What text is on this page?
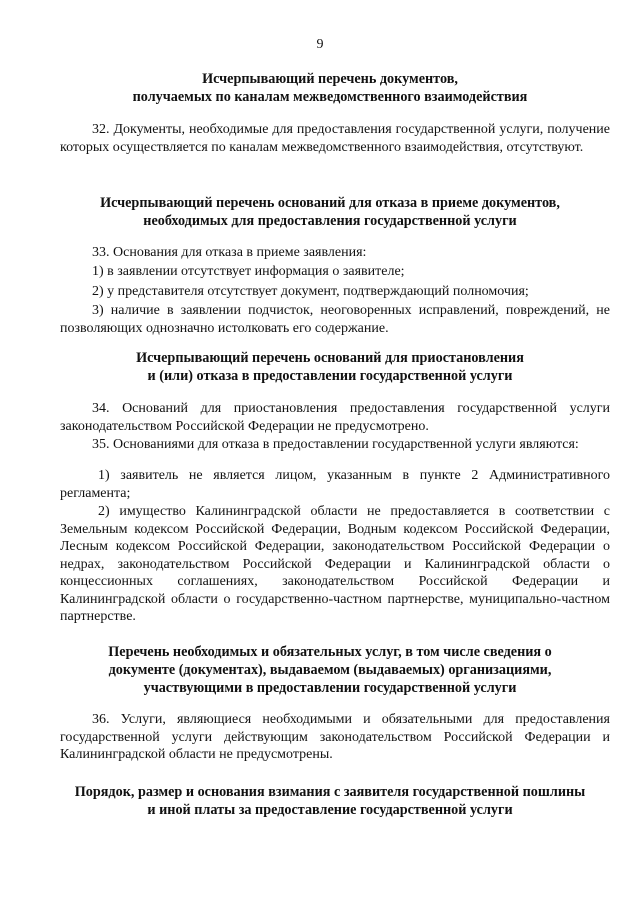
9
Исчерпывающий перечень документов,
получаемых по каналам межведомственного взаимодействия
32. Документы, необходимые для предоставления государственной услуги, получение которых осуществляется по каналам межведомственного взаимодействия, отсутствуют.
Исчерпывающий перечень оснований для отказа в приеме документов,
необходимых для предоставления государственной услуги
33. Основания для отказа в приеме заявления:
1) в заявлении отсутствует информация о заявителе;
2) у представителя отсутствует документ, подтверждающий полномочия;
3) наличие в заявлении подчисток, неоговоренных исправлений, повреждений, не позволяющих однозначно истолковать его содержание.
Исчерпывающий перечень оснований для приостановления
и (или) отказа в предоставлении государственной услуги
34. Оснований для приостановления предоставления государственной услуги законодательством Российской Федерации не предусмотрено.
35. Основаниями для отказа в предоставлении государственной услуги являются:
1) заявитель не является лицом, указанным в пункте 2 Административного регламента;
2) имущество Калининградской области не предоставляется в соответствии с Земельным кодексом Российской Федерации, Водным кодексом Российской Федерации, Лесным кодексом Российской Федерации, законодательством Российской Федерации о недрах, законодательством Российской Федерации и Калининградской области о концессионных соглашениях, законодательством Российской Федерации и Калининградской области о государственно-частном партнерстве, муниципально-частном партнерстве.
Перечень необходимых и обязательных услуг, в том числе сведения о
документе (документах), выдаваемом (выдаваемых) организациями,
участвующими в предоставлении государственной услуги
36. Услуги, являющиеся необходимыми и обязательными для предоставления государственной услуги действующим законодательством Российской Федерации и Калининградской области не предусмотрены.
Порядок, размер и основания взимания с заявителя государственной пошлины
и иной платы за предоставление государственной услуги
